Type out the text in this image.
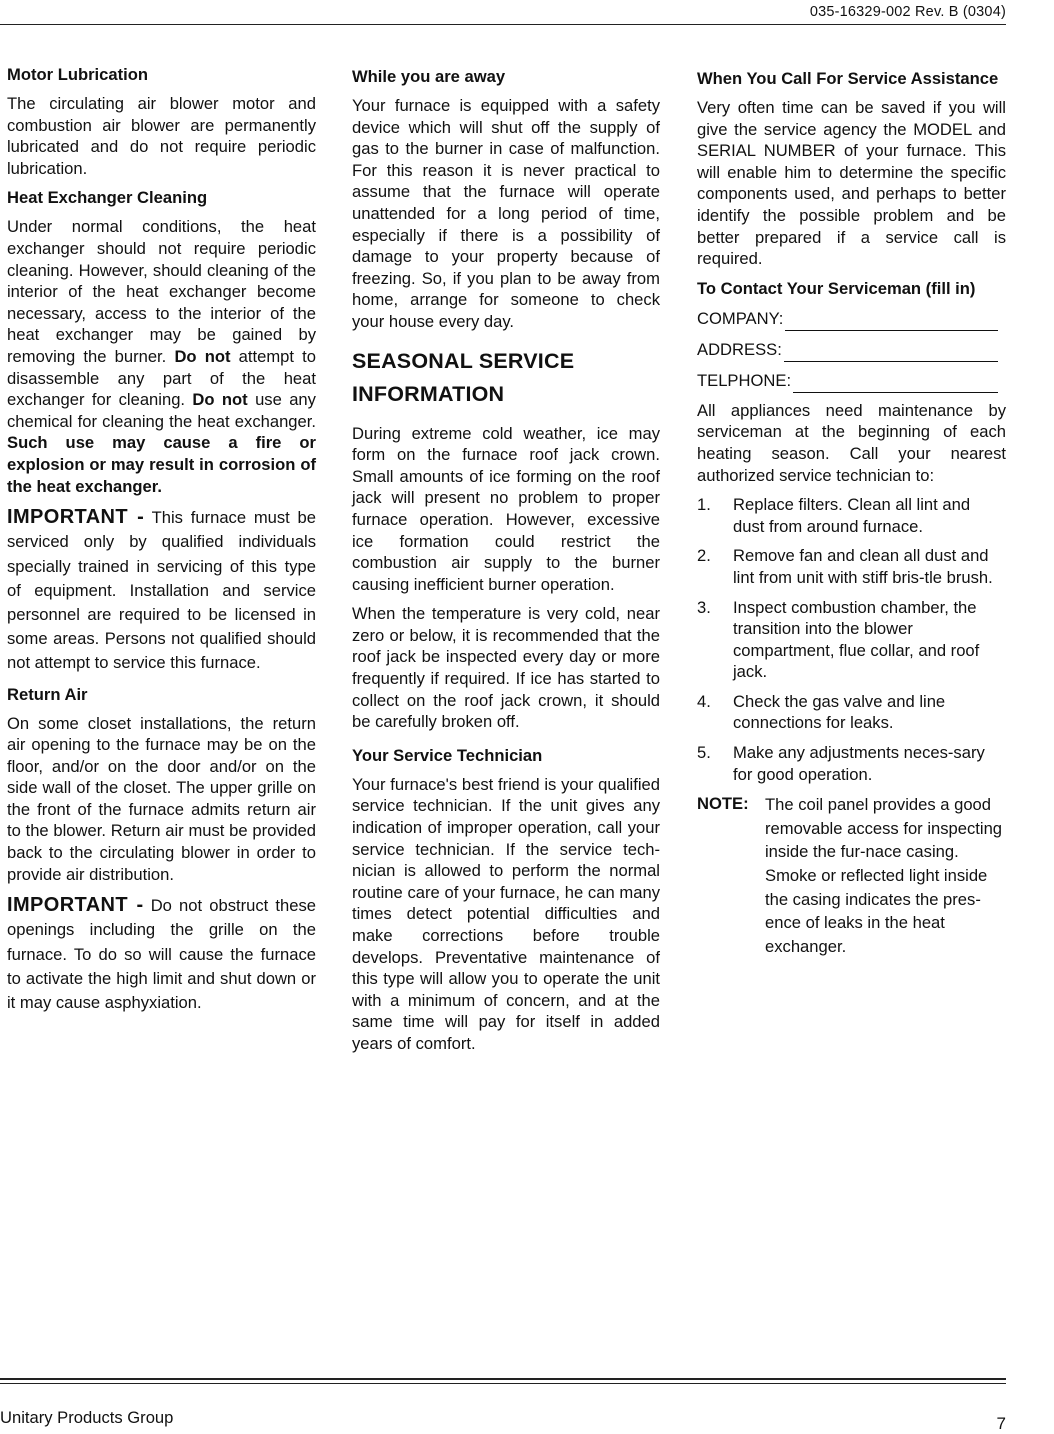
035-16329-002 Rev. B (0304)
Motor Lubrication

The circulating air blower motor and combustion air blower are permanently lubricated and do not require periodic lubrication.

Heat Exchanger Cleaning

Under normal conditions, the heat exchanger should not require periodic cleaning. However, should cleaning of the interior of the heat exchanger become necessary, access to the interior of the heat exchanger may be gained by removing the burner. Do not attempt to disassemble any part of the heat exchanger for cleaning. Do not use any chemical for cleaning the heat exchanger. Such use may cause a fire or explosion or may result in corrosion of the heat exchanger.

IMPORTANT - This furnace must be serviced only by qualified individuals specially trained in servicing of this type of equipment. Installation and service personnel are required to be licensed in some areas. Persons not qualified should not attempt to service this furnace.

Return Air

On some closet installations, the return air opening to the furnace may be on the floor, and/or on the door and/or on the side wall of the closet. The upper grille on the front of the furnace admits return air to the blower. Return air must be provided back to the circulating blower in order to provide air distribution.

IMPORTANT - Do not obstruct these openings including the grille on the furnace. To do so will cause the furnace to activate the high limit and shut down or it may cause asphyxiation.

While you are away

Your furnace is equipped with a safety device which will shut off the supply of gas to the burner in case of malfunction. For this reason it is never practical to assume that the furnace will operate unattended for a long period of time, especially if there is a possibility of damage to your property because of freezing. So, if you plan to be away from home, arrange for someone to check your house every day.

SEASONAL SERVICE INFORMATION

During extreme cold weather, ice may form on the furnace roof jack crown. Small amounts of ice forming on the roof jack will present no problem to proper furnace operation. However, excessive ice formation could restrict the combustion air supply to the burner causing inefficient burner operation.

When the temperature is very cold, near zero or below, it is recommended that the roof jack be inspected every day or more frequently if required. If ice has started to collect on the roof jack crown, it should be carefully broken off.

Your Service Technician

Your furnace's best friend is your qualified service technician. If the unit gives any indication of improper operation, call your service technician. If the service technician is allowed to perform the normal routine care of your furnace, he can many times detect potential difficulties and make corrections before trouble develops. Preventative maintenance of this type will allow you to operate the unit with a minimum of concern, and at the same time will pay for itself in added years of comfort.

When You Call For Service Assistance

Very often time can be saved if you will give the service agency the MODEL and SERIAL NUMBER of your furnace. This will enable him to determine the specific components used, and perhaps to better identify the possible problem and be better prepared if a service call is required.

To Contact Your Serviceman (fill in)
COMPANY:
ADDRESS:
TELPHONE:

All appliances need maintenance by serviceman at the beginning of each heating season. Call your nearest authorized service technician to:

1.	Replace filters. Clean all lint and dust from around furnace.
2.	Remove fan and clean all dust and lint from unit with stiff bris-tle brush.
3.	Inspect combustion chamber, the transition into the blower compartment, flue collar, and roof jack.
4.	Check the gas valve and line connections for leaks.
5.	Make any adjustments neces-sary for good operation.
NOTE: The coil panel provides a good removable access for inspecting inside the fur-nace casing. Smoke or reflected light inside the casing indicates the pres-ence of leaks in the heat exchanger.
Unitary Products Group	7
